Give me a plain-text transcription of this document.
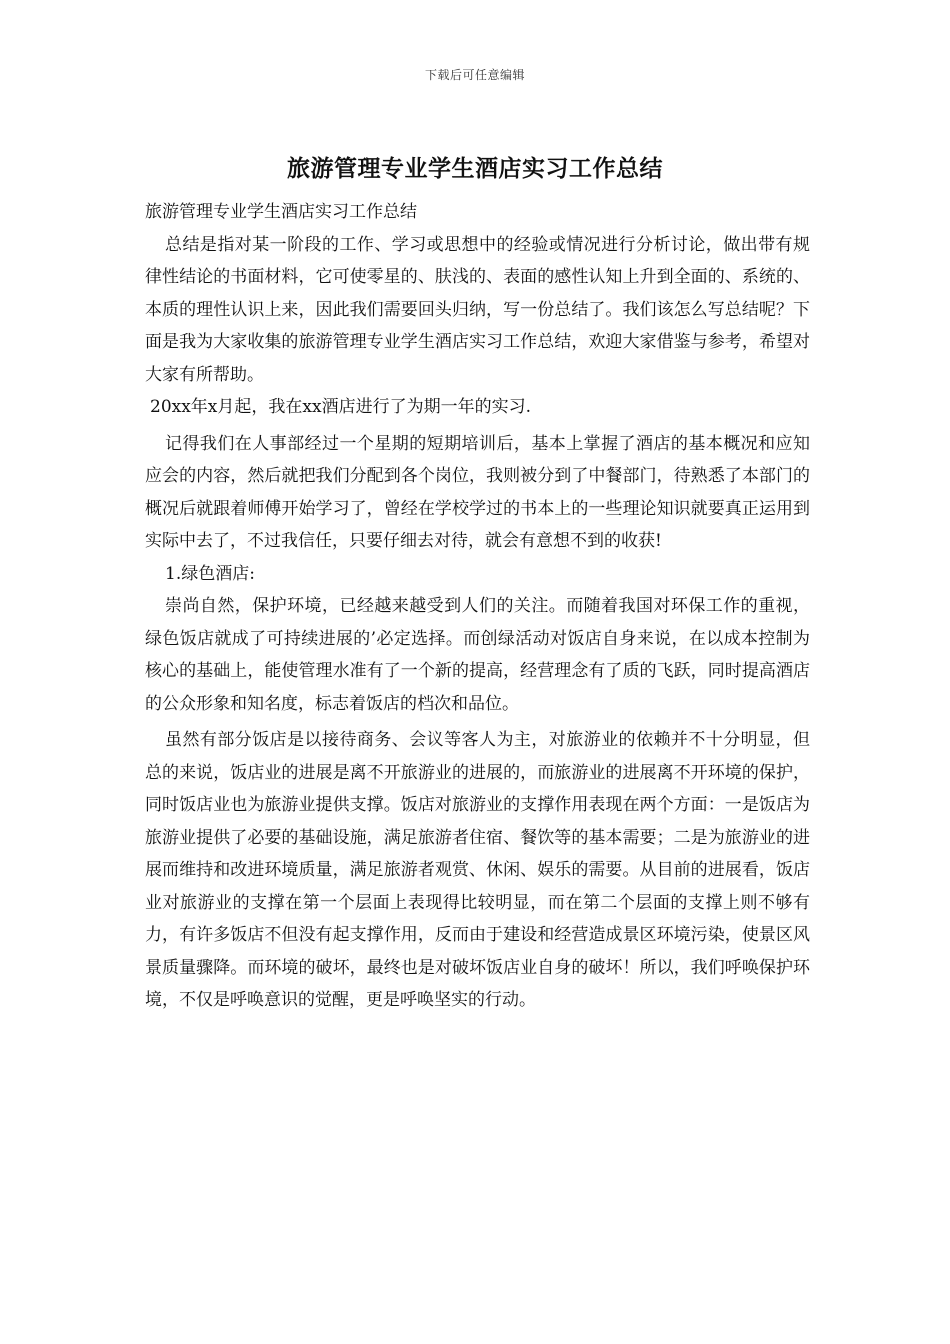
下载后可任意编辑
旅游管理专业学生酒店实习工作总结

旅游管理专业学生酒店实习工作总结

总结是指对某一阶段的工作、学习或思想中的经验或情况进行分析讨论，做出带有规律性结论的书面材料，它可使零星的、肤浅的、表面的感性认知上升到全面的、系统的、本质的理性认识上来，因此我们需要回头归纳，写一份总结了。我们该怎么写总结呢？下面是我为大家收集的旅游管理专业学生酒店实习工作总结，欢迎大家借鉴与参考，希望对大家有所帮助。

20xx年x月起，我在xx酒店进行了为期一年的实习.

记得我们在人事部经过一个星期的短期培训后，基本上掌握了酒店的基本概况和应知应会的内容，然后就把我们分配到各个岗位，我则被分到了中餐部门，待熟悉了本部门的概况后就跟着师傅开始学习了，曾经在学校学过的书本上的一些理论知识就要真正运用到实际中去了，不过我信任，只要仔细去对待，就会有意想不到的收获!

1.绿色酒店:

崇尚自然，保护环境，已经越来越受到人们的关注。而随着我国对环保工作的重视，绿色饭店就成了可持续进展的’必定选择。而创绿活动对饭店自身来说，在以成本控制为核心的基础上，能使管理水准有了一个新的提高，经营理念有了质的飞跃，同时提高酒店的公众形象和知名度，标志着饭店的档次和品位。

虽然有部分饭店是以接待商务、会议等客人为主，对旅游业的依赖并不十分明显，但总的来说，饭店业的进展是离不开旅游业的进展的，而旅游业的进展离不开环境的保护，同时饭店业也为旅游业提供支撑。饭店对旅游业的支撑作用表现在两个方面：一是饭店为旅游业提供了必要的基础设施，满足旅游者住宿、餐饮等的基本需要；二是为旅游业的进展而维持和改进环境质量，满足旅游者观赏、休闲、娱乐的需要。从目前的进展看，饭店业对旅游业的支撑在第一个层面上表现得比较明显，而在第二个层面的支撑上则不够有力，有许多饭店不但没有起支撑作用，反而由于建设和经营造成景区环境污染，使景区风景质量骤降。而环境的破坏，最终也是对破坏饭店业自身的破坏！所以，我们呼唤保护环境，不仅是呼唤意识的觉醒，更是呼唤坚实的行动。
